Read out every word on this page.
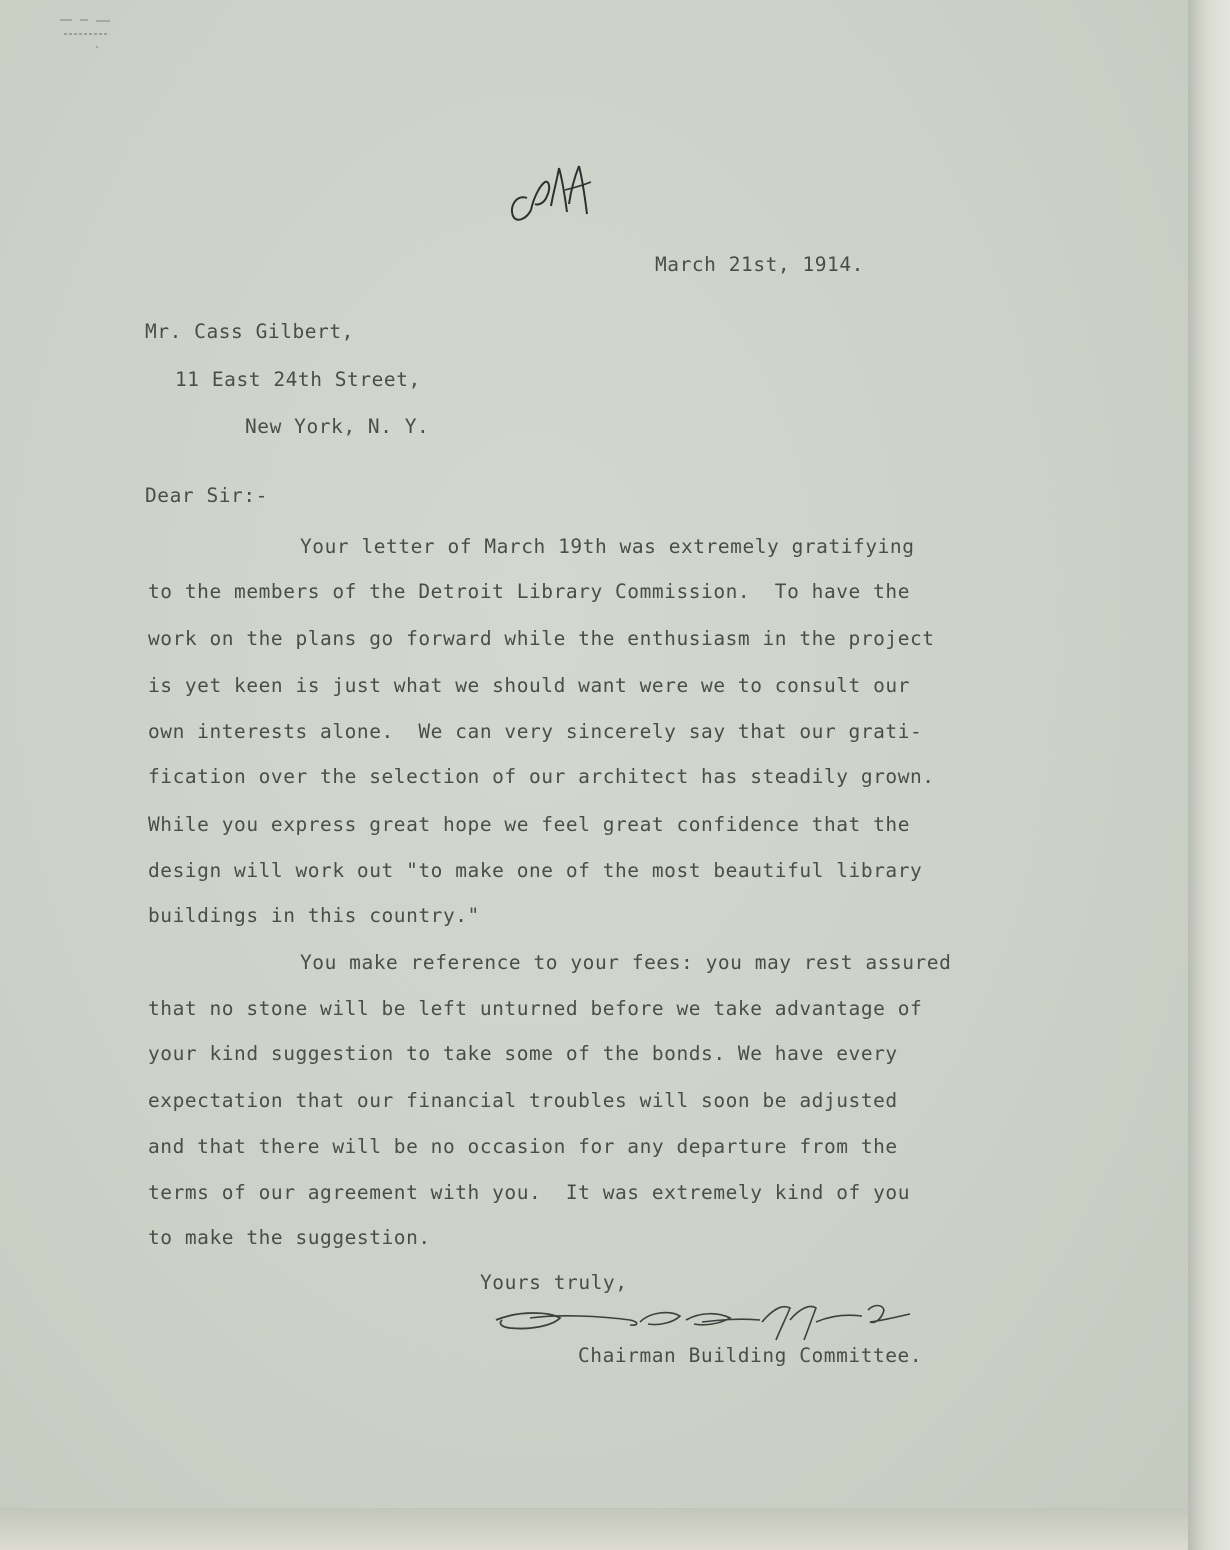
March 21st, 1914.
Mr. Cass Gilbert,
11 East 24th Street,
New York, N. Y.
Dear Sir:-
Your letter of March 19th was extremely gratifying
to the members of the Detroit Library Commission.  To have the
work on the plans go forward while the enthusiasm in the project
is yet keen is just what we should want were we to consult our
own interests alone.  We can very sincerely say that our grati-
fication over the selection of our architect has steadily grown.
While you express great hope we feel great confidence that the
design will work out "to make one of the most beautiful library
buildings in this country."
You make reference to your fees: you may rest assured
that no stone will be left unturned before we take advantage of
your kind suggestion to take some of the bonds. We have every
expectation that our financial troubles will soon be adjusted
and that there will be no occasion for any departure from the
terms of our agreement with you.  It was extremely kind of you
to make the suggestion.
Yours truly,
Chairman Building Committee.
